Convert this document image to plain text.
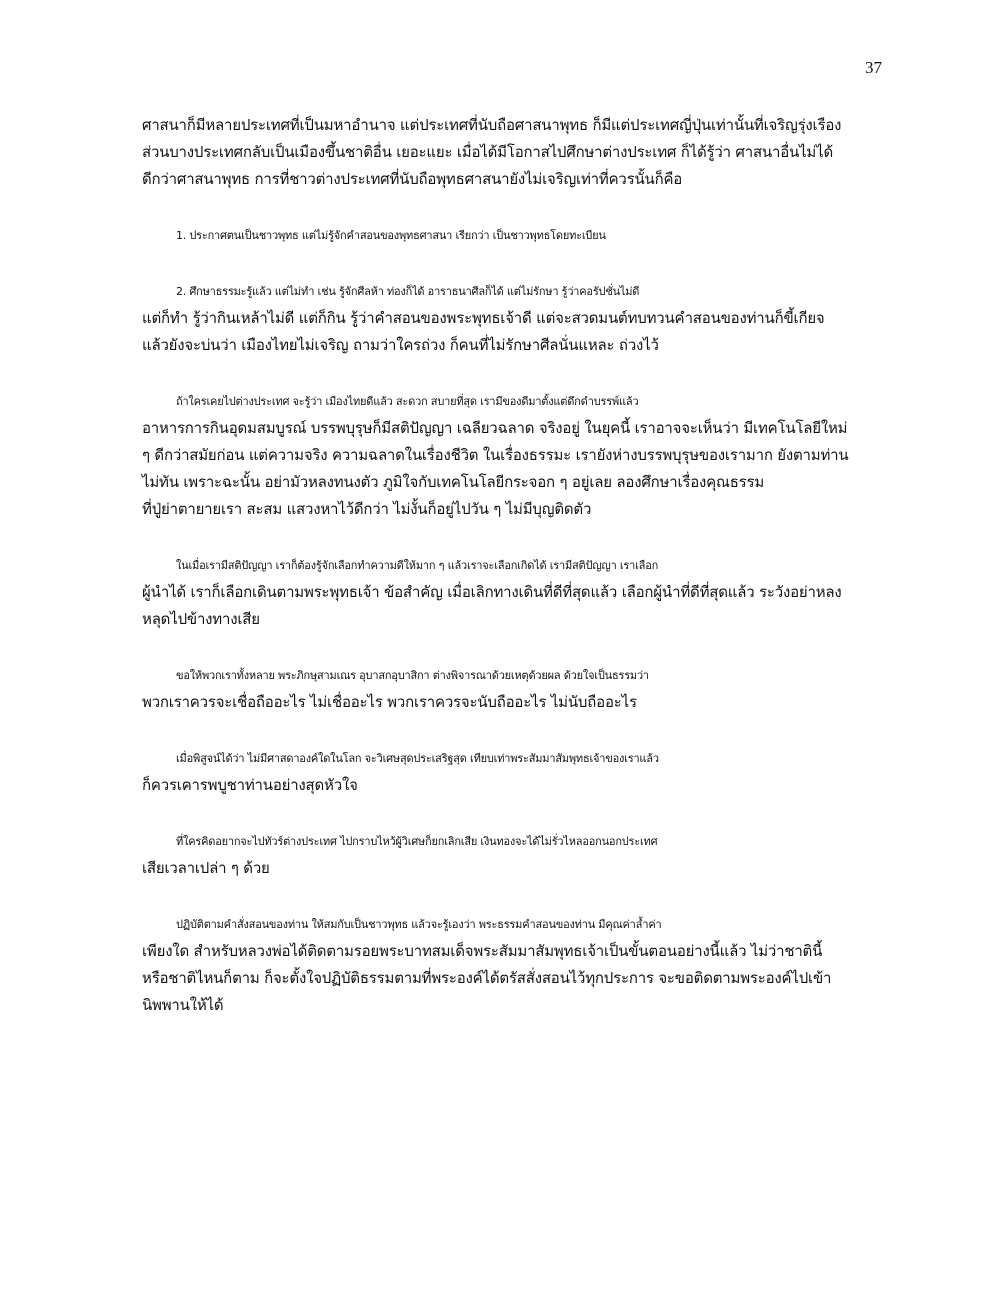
37

ศาสนาก็มีหลายประเทศที่เป็นมหาอำนาจ แต่ประเทศที่นับถือศาสนาพุทธ ก็มีแต่ประเทศญี่ปุ่นเท่านั้นที่เจริญรุ่งเรือง
ส่วนบางประเทศกลับเป็นเมืองขึ้นชาติอื่น เยอะแยะ เมื่อได้มีโอกาสไปศึกษาต่างประเทศ ก็ได้รู้ว่า ศาสนาอื่นไม่ได้
ดีกว่าศาสนาพุทธ การที่ชาวต่างประเทศที่นับถือพุทธศาสนายังไม่เจริญเท่าที่ควรนั้นก็คือ

1. ประกาศตนเป็นชาวพุทธ แต่ไม่รู้จักคำสอนของพุทธศาสนา เรียกว่า เป็นชาวพุทธโดยทะเบียน

2. ศึกษาธรรมะรู้แล้ว แต่ไม่ทำ เช่น รู้จักศีลห้า ท่องก็ได้ อาราธนาศีลก็ได้ แต่ไม่รักษา รู้ว่าคอรัปชั่นไม่ดี
แต่ก็ทำ รู้ว่ากินเหล้าไม่ดี แต่ก็กิน รู้ว่าคำสอนของพระพุทธเจ้าดี แต่จะสวดมนต์ทบทวนคำสอนของท่านก็ขี้เกียจ
แล้วยังจะบ่นว่า เมืองไทยไม่เจริญ ถามว่าใครถ่วง ก็คนที่ไม่รักษาศีลนั่นแหละ ถ่วงไว้

ถ้าใครเคยไปต่างประเทศ จะรู้ว่า เมืองไทยดีแล้ว สะดวก สบายที่สุด เรามีของดีมาตั้งแต่ดึกดำบรรพ์แล้ว
อาหารการกินอุดมสมบูรณ์ บรรพบุรุษก็มีสติปัญญา เฉลียวฉลาด จริงอยู่ ในยุคนี้ เราอาจจะเห็นว่า มีเทคโนโลยีใหม่
ๆ ดีกว่าสมัยก่อน แต่ความจริง ความฉลาดในเรื่องชีวิต ในเรื่องธรรมะ เรายังห่างบรรพบุรุษของเรามาก ยังตามท่าน
ไม่ทัน เพราะฉะนั้น อย่ามัวหลงทนงตัว ภูมิใจกับเทคโนโลยีกระจอก ๆ อยู่เลย ลองศึกษาเรื่องคุณธรรม
ที่ปู่ย่าตายายเรา สะสม แสวงหาไว้ดีกว่า ไม่งั้นก็อยู่ไปวัน ๆ ไม่มีบุญติดตัว

ในเมื่อเรามีสติปัญญา เราก็ต้องรู้จักเลือกทำความดีให้มาก ๆ แล้วเราจะเลือกเกิดได้ เรามีสติปัญญา เราเลือก
ผู้นำได้ เราก็เลือกเดินตามพระพุทธเจ้า ข้อสำคัญ เมื่อเลิกทางเดินที่ดีที่สุดแล้ว เลือกผู้นำที่ดีที่สุดแล้ว ระวังอย่าหลง
หลุดไปข้างทางเสีย

ขอให้พวกเราทั้งหลาย พระภิกษุสามเณร อุบาสกอุบาสิกา ต่างพิจารณาด้วยเหตุด้วยผล ด้วยใจเป็นธรรมว่า
พวกเราควรจะเชื่อถืออะไร ไม่เชื่ออะไร พวกเราควรจะนับถืออะไร ไม่นับถืออะไร

เมื่อพิสูจน์ได้ว่า ไม่มีศาสดาองค์ใดในโลก จะวิเศษสุดประเสริฐสุด เทียบเท่าพระสัมมาสัมพุทธเจ้าของเราแล้ว
ก็ควรเคารพบูชาท่านอย่างสุดหัวใจ

ที่ใครคิดอยากจะไปทัวร์ต่างประเทศ ไปกราบไหว้ผู้วิเศษก็ยกเลิกเสีย เงินทองจะได้ไม่รั่วไหลออกนอกประเทศ
เสียเวลาเปล่า ๆ ด้วย

ปฏิบัติตามคำสั่งสอนของท่าน ให้สมกับเป็นชาวพุทธ แล้วจะรู้เองว่า พระธรรมคำสอนของท่าน มีคุณค่าล้ำค่า
เพียงใด สำหรับหลวงพ่อได้ติดตามรอยพระบาทสมเด็จพระสัมมาสัมพุทธเจ้าเป็นขั้นตอนอย่างนี้แล้ว ไม่ว่าชาตินี้
หรือชาติไหนก็ตาม ก็จะตั้งใจปฏิบัติธรรมตามที่พระองค์ได้ตรัสสั่งสอนไว้ทุกประการ จะขอติดตามพระองค์ไปเข้า
นิพพานให้ได้
